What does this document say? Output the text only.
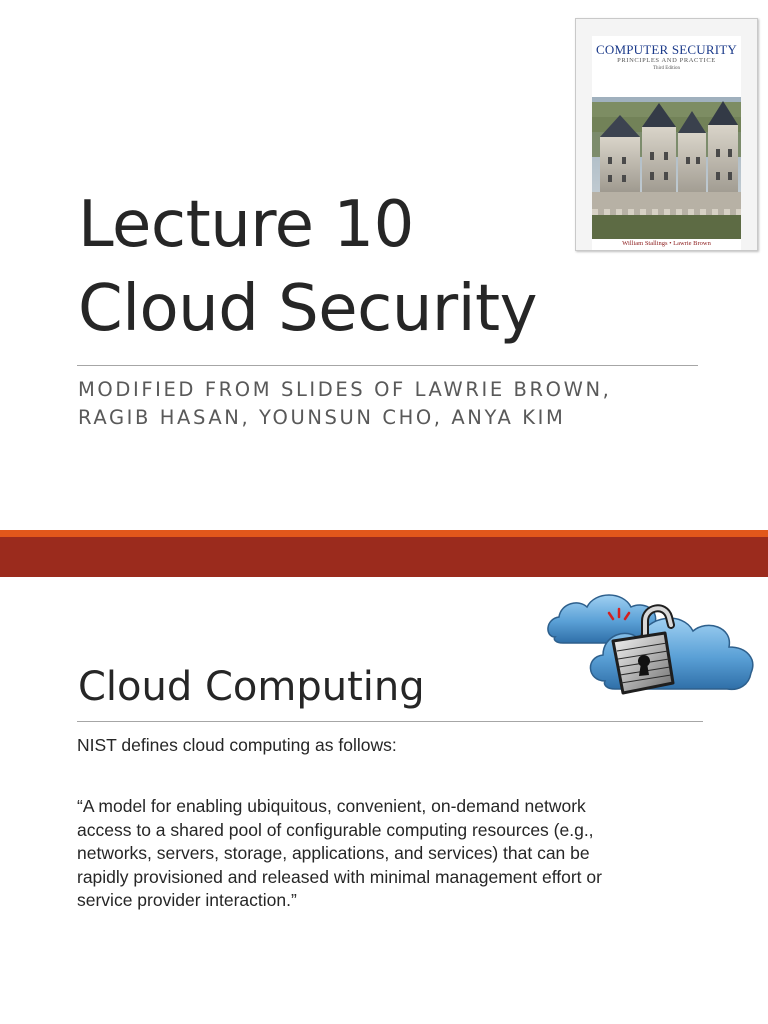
COMPUTER SECURITY
PRINCIPLES AND PRACTICE
Third Edition
William Stallings • Lawrie Brown
Lecture 10
Cloud Security

MODIFIED FROM SLIDES OF LAWRIE BROWN,
RAGIB HASAN, YOUNSUN CHO, ANYA KIM

Cloud Computing

NIST defines cloud computing as follows:

“A model for enabling ubiquitous, convenient, on-demand network
access to a shared pool of configurable computing resources (e.g.,
networks, servers, storage, applications, and services) that can be
rapidly provisioned and released with minimal management effort or
service provider interaction.”
